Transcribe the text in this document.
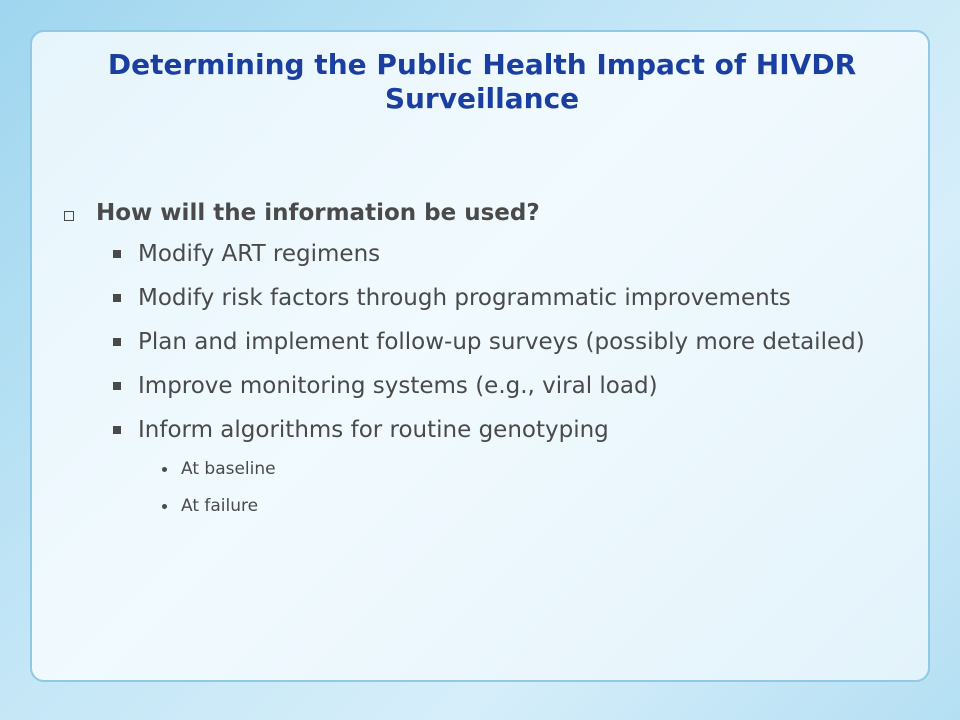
Determining the Public Health Impact of HIVDR Surveillance

How will the information be used?

Modify ART regimens

Modify risk factors through programmatic improvements

Plan and implement follow-up surveys (possibly more detailed)

Improve monitoring systems (e.g., viral load)

Inform algorithms for routine genotyping

At baseline

At failure
